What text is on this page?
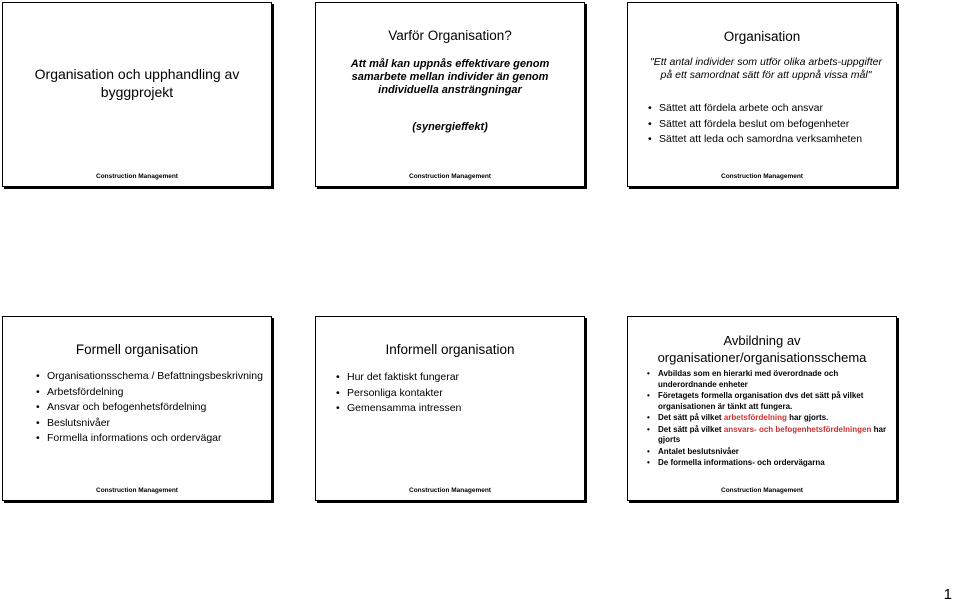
Organisation och upphandling av byggprojekt
Construction Management
Varför Organisation?
Att mål kan uppnås effektivare genom samarbete mellan individer än genom individuella ansträngningar
(synergieffekt)
Construction Management
Organisation
"Ett antal individer som utför olika arbets-uppgifter på ett samordnat sätt för att uppnå vissa mål"
• Sättet att fördela arbete och ansvar
• Sättet att fördela beslut om befogenheter
• Sättet att leda och samordna verksamheten
Construction Management
Formell organisation
• Organisationsschema / Befattningsbeskrivning
• Arbetsfördelning
• Ansvar och befogenhetsfördelning
• Beslutsnivåer
• Formella informations och ordervägar
Construction Management
Informell organisation
• Hur det faktiskt fungerar
• Personliga kontakter
• Gemensamma intressen
Construction Management
Avbildning av organisationer/organisationsschema
• Avbildas som en hierarki med överordnade och underordnande enheter
• Företagets formella organisation dvs det sätt på vilket organisationen är tänkt att fungera.
• Det sätt på vilket arbetsfördelning har gjorts.
• Det sätt på vilket ansvars- och befogenhetsfördelningen har gjorts
• Antalet beslutsnivåer
• De formella informations- och ordervägarna
Construction Management
1
